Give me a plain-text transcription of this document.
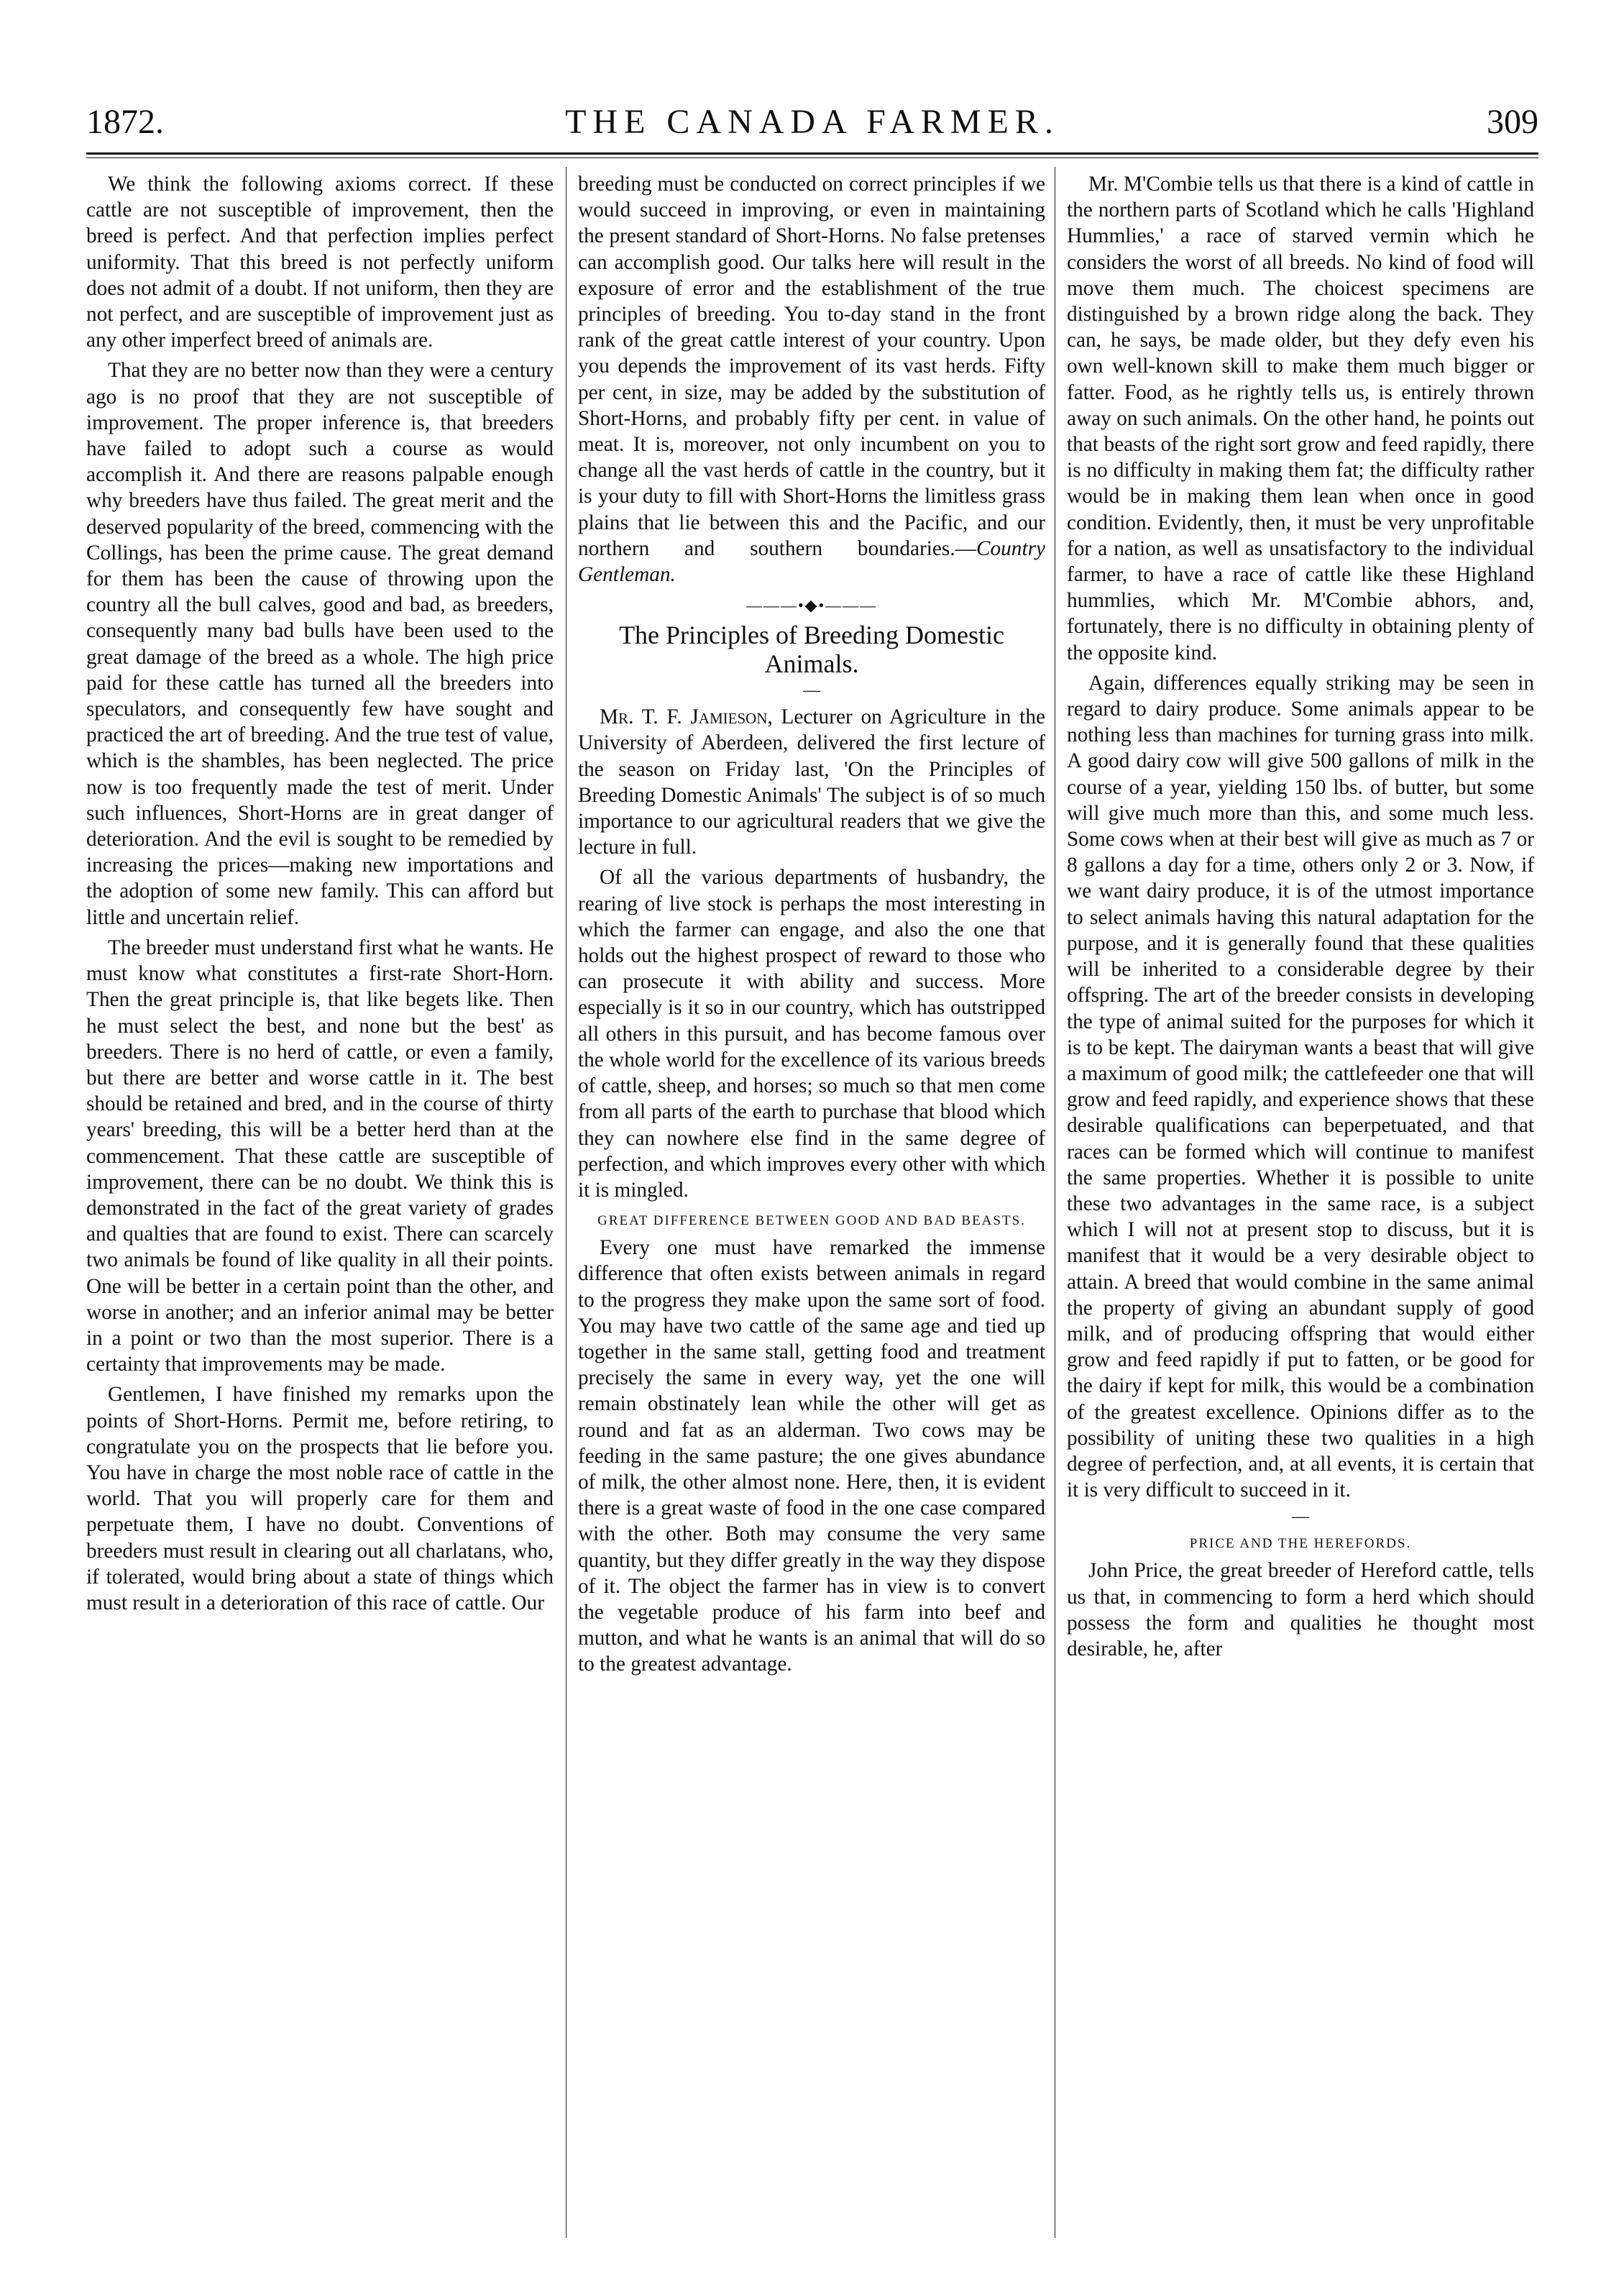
THE CANADA FARMER.
1872.	309

We think the following axioms correct. If these cattle are not susceptible of improvement, then the breed is perfect. And that perfection implies perfect uniformity. That this breed is not perfectly uniform does not admit of a doubt. If not uniform, then they are not perfect, and are susceptible of improvement just as any other imperfect breed of animals are.

That they are no better now than they were a century ago is no proof that they are not susceptible of improvement. The proper inference is, that breeders have failed to adopt such a course as would accomplish it. And there are reasons palpable enough why breeders have thus failed. The great merit and the deserved popularity of the breed, commencing with the Collings, has been the prime cause. The great demand for them has been the cause of throwing upon the country all the bull calves, good and bad, as breeders, consequently many bad bulls have been used to the great damage of the breed as a whole. The high price paid for these cattle has turned all the breeders into speculators, and consequently few have sought and practiced the art of breeding. And the true test of value, which is the shambles, has been neglected. The price now is too frequently made the test of merit. Under such influences, Short-Horns are in great danger of deterioration. And the evil is sought to be remedied by increasing the prices—making new importations and the adoption of some new family. This can afford but little and uncertain relief.

The breeder must understand first what he wants. He must know what constitutes a first-rate Short-Horn. Then the great principle is, that like begets like. Then he must select the best, and none but the best' as breeders. There is no herd of cattle, or even a family, but there are better and worse cattle in it. The best should be retained and bred, and in the course of thirty years' breeding, this will be a better herd than at the commencement. That these cattle are susceptible of improvement, there can be no doubt. We think this is demonstrated in the fact of the great variety of grades and qualties that are found to exist. There can scarcely two animals be found of like quality in all their points. One will be better in a certain point than the other, and worse in another; and an inferior animal may be better in a point or two than the most superior. There is a certainty that improvements may be made.

Gentlemen, I have finished my remarks upon the points of Short-Horns. Permit me, before retiring, to congratulate you on the prospects that lie before you. You have in charge the most noble race of cattle in the world. That you will properly care for them and perpetuate them, I have no doubt. Conventions of breeders must result in clearing out all charlatans, who, if tolerated, would bring about a state of things which must result in a deterioration of this race of cattle. Our

breeding must be conducted on correct principles if we would succeed in improving, or even in maintaining the present standard of Short-Horns. No false pretenses can accomplish good. Our talks here will result in the exposure of error and the establishment of the true principles of breeding. You to-day stand in the front rank of the great cattle interest of your country. Upon you depends the improvement of its vast herds. Fifty per cent, in size, may be added by the substitution of Short-Horns, and probably fifty per cent. in value of meat. It is, moreover, not only incumbent on you to change all the vast herds of cattle in the country, but it is your duty to fill with Short-Horns the limitless grass plains that lie between this and the Pacific, and our northern and southern boundaries.—Country Gentleman.

———•◆•———
The Principles of Breeding Domestic Animals.
—

Mr. T. F. Jamieson, Lecturer on Agriculture in the University of Aberdeen, delivered the first lecture of the season on Friday last, 'On the Principles of Breeding Domestic Animals' The subject is of so much importance to our agricultural readers that we give the lecture in full.

Of all the various departments of husbandry, the rearing of live stock is perhaps the most interesting in which the farmer can engage, and also the one that holds out the highest prospect of reward to those who can prosecute it with ability and success. More especially is it so in our country, which has outstripped all others in this pursuit, and has become famous over the whole world for the excellence of its various breeds of cattle, sheep, and horses; so much so that men come from all parts of the earth to purchase that blood which they can nowhere else find in the same degree of perfection, and which improves every other with which it is mingled.

GREAT DIFFERENCE BETWEEN GOOD AND BAD BEASTS.

Every one must have remarked the immense difference that often exists between animals in regard to the progress they make upon the same sort of food. You may have two cattle of the same age and tied up together in the same stall, getting food and treatment precisely the same in every way, yet the one will remain obstinately lean while the other will get as round and fat as an alderman. Two cows may be feeding in the same pasture; the one gives abundance of milk, the other almost none. Here, then, it is evident there is a great waste of food in the one case compared with the other. Both may consume the very same quantity, but they differ greatly in the way they dispose of it. The object the farmer has in view is to convert the vegetable produce of his farm into beef and mutton, and what he wants is an animal that will do so to the greatest advantage.

Mr. M'Combie tells us that there is a kind of cattle in the northern parts of Scotland which he calls 'Highland Hummlies,' a race of starved vermin which he considers the worst of all breeds. No kind of food will move them much. The choicest specimens are distinguished by a brown ridge along the back. They can, he says, be made older, but they defy even his own well-known skill to make them much bigger or fatter. Food, as he rightly tells us, is entirely thrown away on such animals. On the other hand, he points out that beasts of the right sort grow and feed rapidly, there is no difficulty in making them fat; the difficulty rather would be in making them lean when once in good condition. Evidently, then, it must be very unprofitable for a nation, as well as unsatisfactory to the individual farmer, to have a race of cattle like these Highland hummlies, which Mr. M'Combie abhors, and, fortunately, there is no difficulty in obtaining plenty of the opposite kind.

Again, differences equally striking may be seen in regard to dairy produce. Some animals appear to be nothing less than machines for turning grass into milk. A good dairy cow will give 500 gallons of milk in the course of a year, yielding 150 lbs. of butter, but some will give much more than this, and some much less. Some cows when at their best will give as much as 7 or 8 gallons a day for a time, others only 2 or 3. Now, if we want dairy produce, it is of the utmost importance to select animals having this natural adaptation for the purpose, and it is generally found that these qualities will be inherited to a considerable degree by their offspring. The art of the breeder consists in developing the type of animal suited for the purposes for which it is to be kept. The dairyman wants a beast that will give a maximum of good milk; the cattlefeeder one that will grow and feed rapidly, and experience shows that these desirable qualifications can beperpetuated, and that races can be formed which will continue to manifest the same properties. Whether it is possible to unite these two advantages in the same race, is a subject which I will not at present stop to discuss, but it is manifest that it would be a very desirable object to attain. A breed that would combine in the same animal the property of giving an abundant supply of good milk, and of producing offspring that would either grow and feed rapidly if put to fatten, or be good for the dairy if kept for milk, this would be a combination of the greatest excellence. Opinions differ as to the possibility of uniting these two qualities in a high degree of perfection, and, at all events, it is certain that it is very difficult to succeed in it.

—
PRICE AND THE HEREFORDS.

John Price, the great breeder of Hereford cattle, tells us that, in commencing to form a herd which should possess the form and qualities he thought most desirable, he, after
